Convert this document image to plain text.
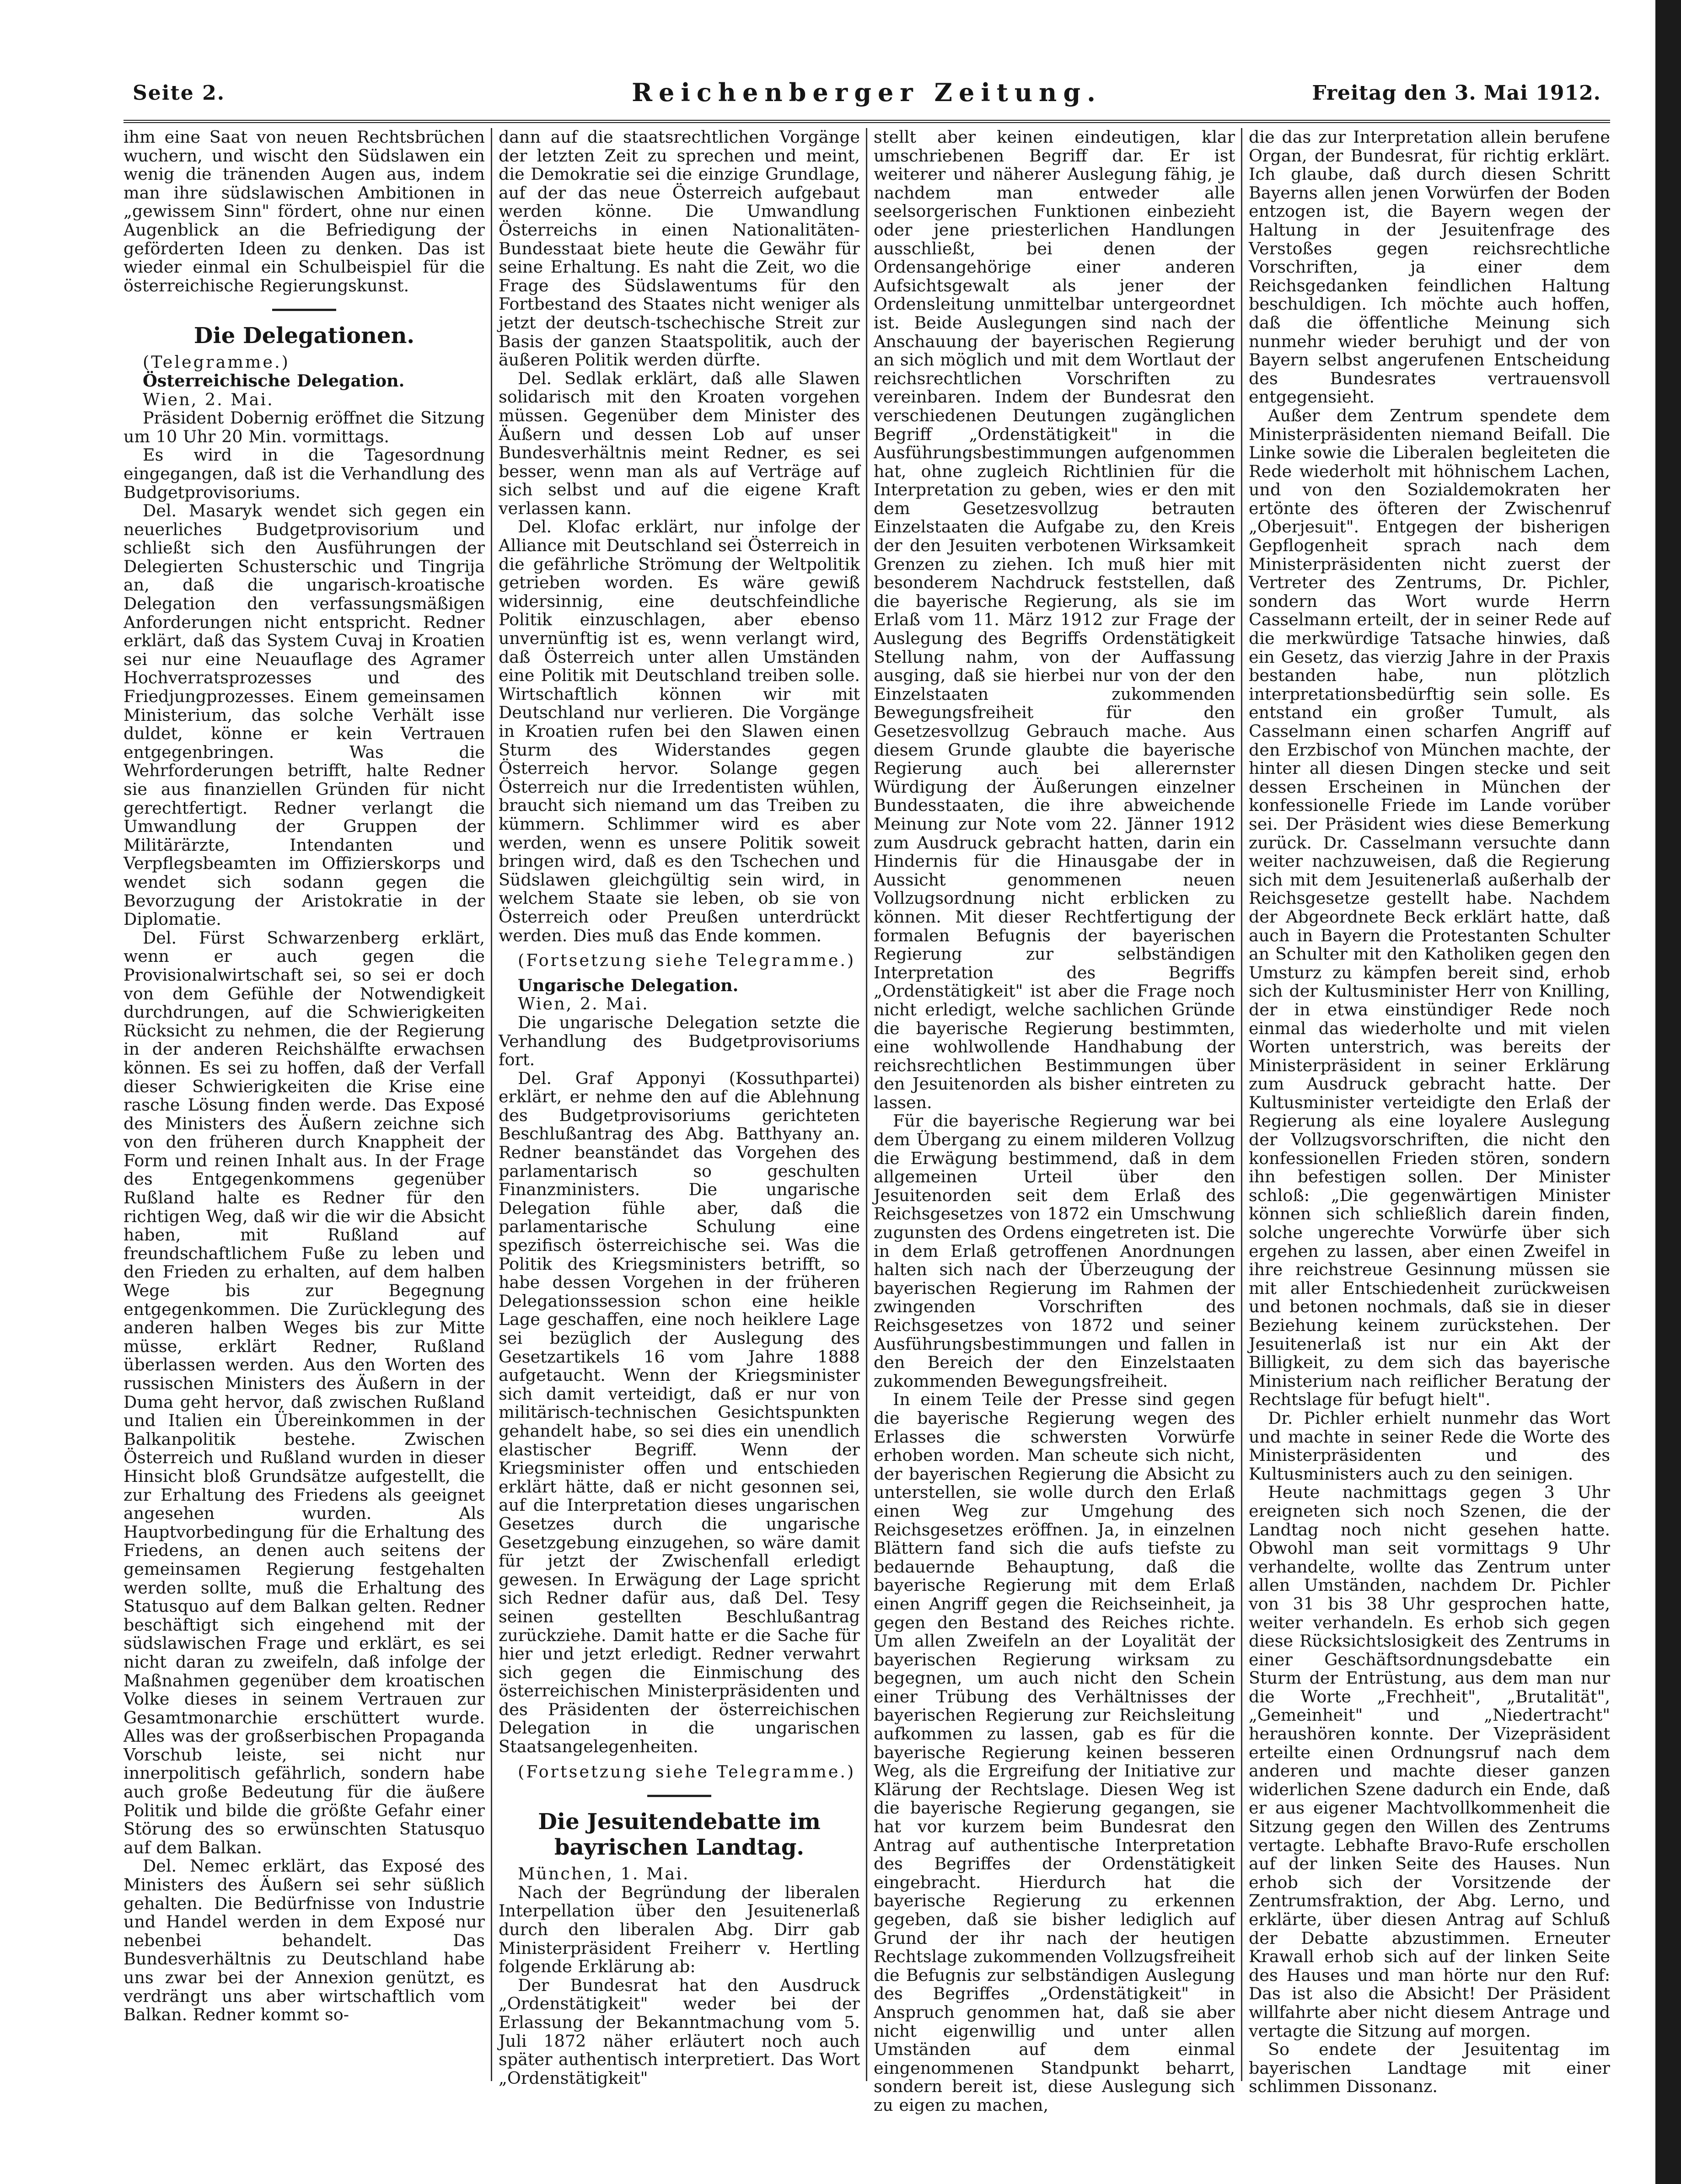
Seite 2.	Reichenberger Zeitung.	Freitag den 3. Mai 1912.

ihm eine Saat von neuen Rechtsbrüchen wuchern, und wischt den Südslawen ein wenig die tränenden Augen aus, indem man ihre südslawischen Ambitionen in „gewissem Sinn" fördert, ohne nur einen Augenblick an die Befriedigung der geförderten Ideen zu denken. Das ist wieder einmal ein Schulbeispiel für die österreichische Regierungskunst.

Die Delegationen.

(Telegramme.)

Österreichische Delegation.

Wien, 2. Mai.

Präsident Dobernig eröffnet die Sitzung um 10 Uhr 20 Min. vormittags.

Es wird in die Tagesordnung eingegangen, daß ist die Verhandlung des Budgetprovisoriums.

Del. Masaryk wendet sich gegen ein neuerliches Budgetprovisorium und schließt sich den Ausführungen der Delegierten Schusterschic und Tingrija an, daß die ungarisch-kroatische Delegation den verfassungsmäßigen Anforderungen nicht entspricht. Redner erklärt, daß das System Cuvaj in Kroatien sei nur eine Neuauflage des Agramer Hochverratsprozesses und des Friedjungprozesses. Einem gemeinsamen Ministerium, das solche Verhält isse duldet, könne er kein Vertrauen entgegenbringen. Was die Wehrforderungen betrifft, halte Redner sie aus finanziellen Gründen für nicht gerechtfertigt. Redner verlangt die Umwandlung der Gruppen der Militärärzte, Intendanten und Verpflegsbeamten im Offizierskorps und wendet sich sodann gegen die Bevorzugung der Aristokratie in der Diplomatie.

Del. Fürst Schwarzenberg erklärt, wenn er auch gegen die Provisionalwirtschaft sei, so sei er doch von dem Gefühle der Notwendigkeit durchdrungen, auf die Schwierigkeiten Rücksicht zu nehmen, die der Regierung in der anderen Reichshälfte erwachsen können. Es sei zu hoffen, daß der Verfall dieser Schwierigkeiten die Krise eine rasche Lösung finden werde. Das Exposé des Ministers des Äußern zeichne sich von den früheren durch Knappheit der Form und reinen Inhalt aus. In der Frage des Entgegenkommens gegenüber Rußland halte es Redner für den richtigen Weg, daß wir die wir die Absicht haben, mit Rußland auf freundschaftlichem Fuße zu leben und den Frieden zu erhalten, auf dem halben Wege bis zur Begegnung entgegenkommen. Die Zurücklegung des anderen halben Weges bis zur Mitte müsse, erklärt Redner, Rußland überlassen werden. Aus den Worten des russischen Ministers des Äußern in der Duma geht hervor, daß zwischen Rußland und Italien ein Übereinkommen in der Balkanpolitik bestehe. Zwischen Österreich und Rußland wurden in dieser Hinsicht bloß Grundsätze aufgestellt, die zur Erhaltung des Friedens als geeignet angesehen wurden. Als Hauptvorbedingung für die Erhaltung des Friedens, an denen auch seitens der gemeinsamen Regierung festgehalten werden sollte, muß die Erhaltung des Statusquo auf dem Balkan gelten. Redner beschäftigt sich eingehend mit der südslawischen Frage und erklärt, es sei nicht daran zu zweifeln, daß infolge der Maßnahmen gegenüber dem kroatischen Volke dieses in seinem Vertrauen zur Gesamtmonarchie erschüttert wurde. Alles was der großserbischen Propaganda Vorschub leiste, sei nicht nur innerpolitisch gefährlich, sondern habe auch große Bedeutung für die äußere Politik und bilde die größte Gefahr einer Störung des so erwünschten Statusquo auf dem Balkan.

Del. Nemec erklärt, das Exposé des Ministers des Äußern sei sehr süßlich gehalten. Die Bedürfnisse von Industrie und Handel werden in dem Exposé nur nebenbei behandelt. Das Bundesverhältnis zu Deutschland habe uns zwar bei der Annexion genützt, es verdrängt uns aber wirtschaftlich vom Balkan. Redner kommt so-

dann auf die staatsrechtlichen Vorgänge der letzten Zeit zu sprechen und meint, die Demokratie sei die einzige Grundlage, auf der das neue Österreich aufgebaut werden könne. Die Umwandlung Österreichs in einen Nationalitäten-Bundesstaat biete heute die Gewähr für seine Erhaltung. Es naht die Zeit, wo die Frage des Südslawentums für den Fortbestand des Staates nicht weniger als jetzt der deutsch-tschechische Streit zur Basis der ganzen Staatspolitik, auch der äußeren Politik werden dürfte.

Del. Sedlak erklärt, daß alle Slawen solidarisch mit den Kroaten vorgehen müssen. Gegenüber dem Minister des Äußern und dessen Lob auf unser Bundesverhältnis meint Redner, es sei besser, wenn man als auf Verträge auf sich selbst und auf die eigene Kraft verlassen kann.

Del. Klofac erklärt, nur infolge der Alliance mit Deutschland sei Österreich in die gefährliche Strömung der Weltpolitik getrieben worden. Es wäre gewiß widersinnig, eine deutschfeindliche Politik einzuschlagen, aber ebenso unvernünftig ist es, wenn verlangt wird, daß Österreich unter allen Umständen eine Politik mit Deutschland treiben solle. Wirtschaftlich können wir mit Deutschland nur verlieren. Die Vorgänge in Kroatien rufen bei den Slawen einen Sturm des Widerstandes gegen Österreich hervor. Solange gegen Österreich nur die Irredentisten wühlen, braucht sich niemand um das Treiben zu kümmern. Schlimmer wird es aber werden, wenn es unsere Politik soweit bringen wird, daß es den Tschechen und Südslawen gleichgültig sein wird, in welchem Staate sie leben, ob sie von Österreich oder Preußen unterdrückt werden. Dies muß das Ende kommen.

(Fortsetzung siehe Telegramme.)

Ungarische Delegation.

Wien, 2. Mai.

Die ungarische Delegation setzte die Verhandlung des Budgetprovisoriums fort.

Del. Graf Apponyi (Kossuthpartei) erklärt, er nehme den auf die Ablehnung des Budgetprovisoriums gerichteten Beschlußantrag des Abg. Batthyany an. Redner beanständet das Vorgehen des parlamentarisch so geschulten Finanzministers. Die ungarische Delegation fühle aber, daß die parlamentarische Schulung eine spezifisch österreichische sei. Was die Politik des Kriegsministers betrifft, so habe dessen Vorgehen in der früheren Delegationssession schon eine heikle Lage geschaffen, eine noch heiklere Lage sei bezüglich der Auslegung des Gesetzartikels 16 vom Jahre 1888 aufgetaucht. Wenn der Kriegsminister sich damit verteidigt, daß er nur von militärisch-technischen Gesichtspunkten gehandelt habe, so sei dies ein unendlich elastischer Begriff. Wenn der Kriegsminister offen und entschieden erklärt hätte, daß er nicht gesonnen sei, auf die Interpretation dieses ungarischen Gesetzes durch die ungarische Gesetzgebung einzugehen, so wäre damit für jetzt der Zwischenfall erledigt gewesen. In Erwägung der Lage spricht sich Redner dafür aus, daß Del. Tesy seinen gestellten Beschlußantrag zurückziehe. Damit hatte er die Sache für hier und jetzt erledigt. Redner verwahrt sich gegen die Einmischung des österreichischen Ministerpräsidenten und des Präsidenten der österreichischen Delegation in die ungarischen Staatsangelegenheiten.

(Fortsetzung siehe Telegramme.)

Die Jesuitendebatte im bayrischen Landtag.

München, 1. Mai.

Nach der Begründung der liberalen Interpellation über den Jesuitenerlaß durch den liberalen Abg. Dirr gab Ministerpräsident Freiherr v. Hertling folgende Erklärung ab:

Der Bundesrat hat den Ausdruck „Ordenstätigkeit" weder bei der Erlassung der Bekanntmachung vom 5. Juli 1872 näher erläutert noch auch später authentisch interpretiert. Das Wort „Ordenstätigkeit"

stellt aber keinen eindeutigen, klar umschriebenen Begriff dar. Er ist weiterer und näherer Auslegung fähig, je nachdem man entweder alle seelsorgerischen Funktionen einbezieht oder jene priesterlichen Handlungen ausschließt, bei denen der Ordensangehörige einer anderen Aufsichtsgewalt als jener der Ordensleitung unmittelbar untergeordnet ist. Beide Auslegungen sind nach der Anschauung der bayerischen Regierung an sich möglich und mit dem Wortlaut der reichsrechtlichen Vorschriften zu vereinbaren. Indem der Bundesrat den verschiedenen Deutungen zugänglichen Begriff „Ordenstätigkeit" in die Ausführungsbestimmungen aufgenommen hat, ohne zugleich Richtlinien für die Interpretation zu geben, wies er den mit dem Gesetzesvollzug betrauten Einzelstaaten die Aufgabe zu, den Kreis der den Jesuiten verbotenen Wirksamkeit Grenzen zu ziehen. Ich muß hier mit besonderem Nachdruck feststellen, daß die bayerische Regierung, als sie im Erlaß vom 11. März 1912 zur Frage der Auslegung des Begriffs Ordenstätigkeit Stellung nahm, von der Auffassung ausging, daß sie hierbei nur von der den Einzelstaaten zukommenden Bewegungsfreiheit für den Gesetzesvollzug Gebrauch mache. Aus diesem Grunde glaubte die bayerische Regierung auch bei allerernster Würdigung der Äußerungen einzelner Bundesstaaten, die ihre abweichende Meinung zur Note vom 22. Jänner 1912 zum Ausdruck gebracht hatten, darin ein Hindernis für die Hinausgabe der in Aussicht genommenen neuen Vollzugsordnung nicht erblicken zu können. Mit dieser Rechtfertigung der formalen Befugnis der bayerischen Regierung zur selbständigen Interpretation des Begriffs „Ordenstätigkeit" ist aber die Frage noch nicht erledigt, welche sachlichen Gründe die bayerische Regierung bestimmten, eine wohlwollende Handhabung der reichsrechtlichen Bestimmungen über den Jesuitenorden als bisher eintreten zu lassen.

Für die bayerische Regierung war bei dem Übergang zu einem milderen Vollzug die Erwägung bestimmend, daß in dem allgemeinen Urteil über den Jesuitenorden seit dem Erlaß des Reichsgesetzes von 1872 ein Umschwung zugunsten des Ordens eingetreten ist. Die in dem Erlaß getroffenen Anordnungen halten sich nach der Überzeugung der bayerischen Regierung im Rahmen der zwingenden Vorschriften des Reichsgesetzes von 1872 und seiner Ausführungsbestimmungen und fallen in den Bereich der den Einzelstaaten zukommenden Bewegungsfreiheit.

In einem Teile der Presse sind gegen die bayerische Regierung wegen des Erlasses die schwersten Vorwürfe erhoben worden. Man scheute sich nicht, der bayerischen Regierung die Absicht zu unterstellen, sie wolle durch den Erlaß einen Weg zur Umgehung des Reichsgesetzes eröffnen. Ja, in einzelnen Blättern fand sich die aufs tiefste zu bedauernde Behauptung, daß die bayerische Regierung mit dem Erlaß einen Angriff gegen die Reichseinheit, ja gegen den Bestand des Reiches richte. Um allen Zweifeln an der Loyalität der bayerischen Regierung wirksam zu begegnen, um auch nicht den Schein einer Trübung des Verhältnisses der bayerischen Regierung zur Reichsleitung aufkommen zu lassen, gab es für die bayerische Regierung keinen besseren Weg, als die Ergreifung der Initiative zur Klärung der Rechtslage. Diesen Weg ist die bayerische Regierung gegangen, sie hat vor kurzem beim Bundesrat den Antrag auf authentische Interpretation des Begriffes der Ordenstätigkeit eingebracht. Hierdurch hat die bayerische Regierung zu erkennen gegeben, daß sie bisher lediglich auf Grund der ihr nach der heutigen Rechtslage zukommenden Vollzugsfreiheit die Befugnis zur selbständigen Auslegung des Begriffes „Ordenstätigkeit" in Anspruch genommen hat, daß sie aber nicht eigenwillig und unter allen Umständen auf dem einmal eingenommenen Standpunkt beharrt, sondern bereit ist, diese Auslegung sich zu eigen zu machen,

die das zur Interpretation allein berufene Organ, der Bundesrat, für richtig erklärt. Ich glaube, daß durch diesen Schritt Bayerns allen jenen Vorwürfen der Boden entzogen ist, die Bayern wegen der Haltung in der Jesuitenfrage des Verstoßes gegen reichsrechtliche Vorschriften, ja einer dem Reichsgedanken feindlichen Haltung beschuldigen. Ich möchte auch hoffen, daß die öffentliche Meinung sich nunmehr wieder beruhigt und der von Bayern selbst angerufenen Entscheidung des Bundesrates vertrauensvoll entgegensieht.

Außer dem Zentrum spendete dem Ministerpräsidenten niemand Beifall. Die Linke sowie die Liberalen begleiteten die Rede wiederholt mit höhnischem Lachen, und von den Sozialdemokraten her ertönte des öfteren der Zwischenruf „Oberjesuit". Entgegen der bisherigen Gepflogenheit sprach nach dem Ministerpräsidenten nicht zuerst der Vertreter des Zentrums, Dr. Pichler, sondern das Wort wurde Herrn Casselmann erteilt, der in seiner Rede auf die merkwürdige Tatsache hinwies, daß ein Gesetz, das vierzig Jahre in der Praxis bestanden habe, nun plötzlich interpretationsbedürftig sein solle. Es entstand ein großer Tumult, als Casselmann einen scharfen Angriff auf den Erzbischof von München machte, der hinter all diesen Dingen stecke und seit dessen Erscheinen in München der konfessionelle Friede im Lande vorüber sei. Der Präsident wies diese Bemerkung zurück. Dr. Casselmann versuchte dann weiter nachzuweisen, daß die Regierung sich mit dem Jesuitenerlaß außerhalb der Reichsgesetze gestellt habe. Nachdem der Abgeordnete Beck erklärt hatte, daß auch in Bayern die Protestanten Schulter an Schulter mit den Katholiken gegen den Umsturz zu kämpfen bereit sind, erhob sich der Kultusminister Herr von Knilling, der in etwa einstündiger Rede noch einmal das wiederholte und mit vielen Worten unterstrich, was bereits der Ministerpräsident in seiner Erklärung zum Ausdruck gebracht hatte. Der Kultusminister verteidigte den Erlaß der Regierung als eine loyalere Auslegung der Vollzugsvorschriften, die nicht den konfessionellen Frieden stören, sondern ihn befestigen sollen. Der Minister schloß: „Die gegenwärtigen Minister können sich schließlich darein finden, solche ungerechte Vorwürfe über sich ergehen zu lassen, aber einen Zweifel in ihre reichstreue Gesinnung müssen sie mit aller Entschiedenheit zurückweisen und betonen nochmals, daß sie in dieser Beziehung keinem zurückstehen. Der Jesuitenerlaß ist nur ein Akt der Billigkeit, zu dem sich das bayerische Ministerium nach reiflicher Beratung der Rechtslage für befugt hielt".

Dr. Pichler erhielt nunmehr das Wort und machte in seiner Rede die Worte des Ministerpräsidenten und des Kultusministers auch zu den seinigen.

Heute nachmittags gegen 3 Uhr ereigneten sich noch Szenen, die der Landtag noch nicht gesehen hatte. Obwohl man seit vormittags 9 Uhr verhandelte, wollte das Zentrum unter allen Umständen, nachdem Dr. Pichler von 31 bis 38 Uhr gesprochen hatte, weiter verhandeln. Es erhob sich gegen diese Rücksichtslosigkeit des Zentrums in einer Geschäftsordnungsdebatte ein Sturm der Entrüstung, aus dem man nur die Worte „Frechheit", „Brutalität", „Gemeinheit" und „Niedertracht" heraushören konnte. Der Vizepräsident erteilte einen Ordnungsruf nach dem anderen und machte dieser ganzen widerlichen Szene dadurch ein Ende, daß er aus eigener Machtvollkommenheit die Sitzung gegen den Willen des Zentrums vertagte. Lebhafte Bravo-Rufe erschollen auf der linken Seite des Hauses. Nun erhob sich der Vorsitzende der Zentrumsfraktion, der Abg. Lerno, und erklärte, über diesen Antrag auf Schluß der Debatte abzustimmen. Erneuter Krawall erhob sich auf der linken Seite des Hauses und man hörte nur den Ruf: Das ist also die Absicht! Der Präsident willfahrte aber nicht diesem Antrage und vertagte die Sitzung auf morgen.

So endete der Jesuitentag im bayerischen Landtage mit einer schlimmen Dissonanz.
